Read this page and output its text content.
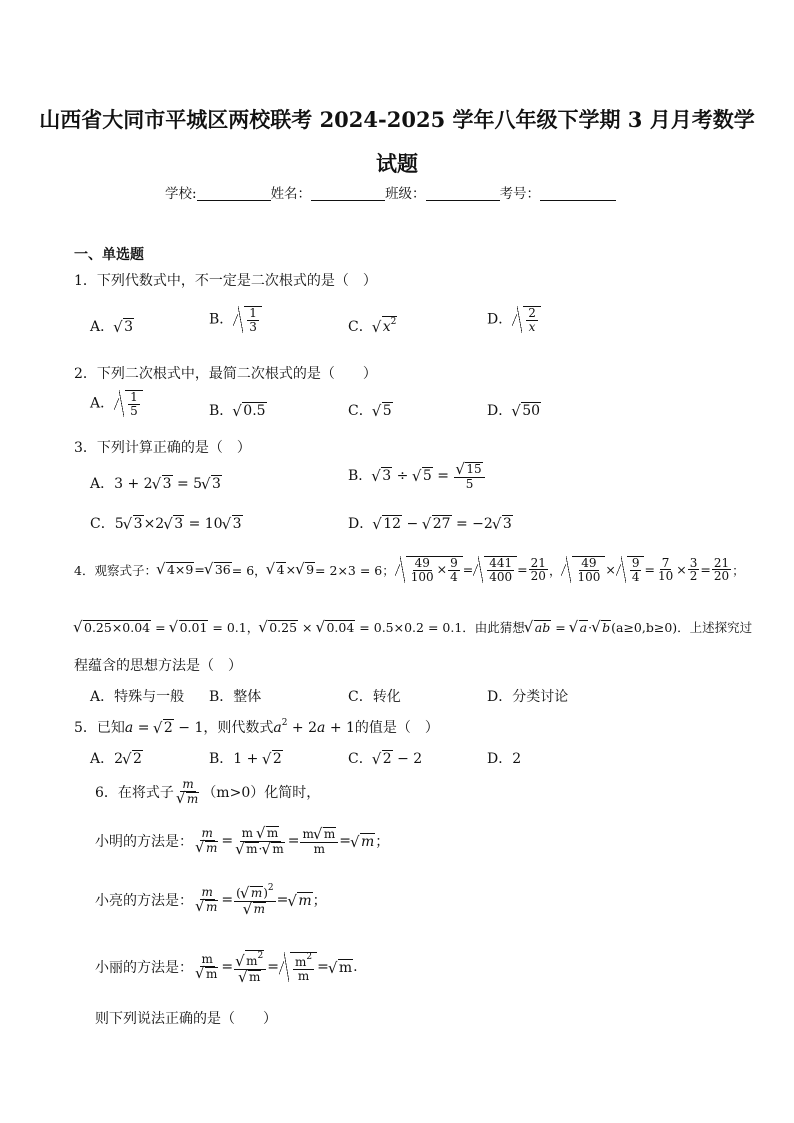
山西省大同市平城区两校联考 2024-2025 学年八年级下学期 3 月月考数学
试题
学校:	姓名：	班级：	考号：
一、单选题
1．下列代数式中，不一定是二次根式的是（　）
A． √ 3	B． $\frac{1}{3}$	C． √ $x^2$	D． $\frac{2}{x}$
2．下列二次根式中，最简二次根式的是（　　）
A． $\frac{1}{5}$	B． √ 0.5	C． √ 5	D． √ 50
3．下列计算正确的是（　）
A．3 + 2 √ 3 = 5 √ 3	B． √ 3 ÷ √ 5 = √ $\frac{15}{5}$
C．5 √ 3×2 √ 3 = 10 √ 3	D． √ 12 − √ 27 = −2 √ 3
4．观察式子： √ 4×9 = √ 36 = 6， √ 4 × √ 9 = 2×3 = 6； $\frac{49}{100} \times \frac{9}{4} = \frac{441}{400} = \frac{21}{20}$ ， $\frac{49}{100} \times \frac{9}{4} = \frac{7}{10} \times \frac{3}{2} = \frac{21}{20}$ ；
√ 0.25×0.04 = √ 0.01 = 0.1， √ 0.25 × √ 0.04 = 0.5×0.2 = 0.1．由此猜想 √ ab = √ a· √ b(a≥0,b≥0)．上述探究过
程蕴含的思想方法是（　）
A．特殊与一般 B．整体	C．转化	D．分类讨论
5．已知a = √ 2 − 1，则代数式$a^2 + 2a + 1$的值是（　）
A．2 √ 2	B．1 + √ 2	C． √ 2 − 2	D．2
6．在将式子
m
√ m （m>0）化简时，
小明的方法是： m
√ m = m √ m
√ m· √ $m = \frac{m √ m}{m}$ = √ m ；
小亮的方法是： m
√ m = ( √ m)$^2$
√ m = √ m ；
小丽的方法是： m
√ m = √ $m^2$
√ $m = \frac{m^2}{m}$ = √ m .
则下列说法正确的是（　　）
